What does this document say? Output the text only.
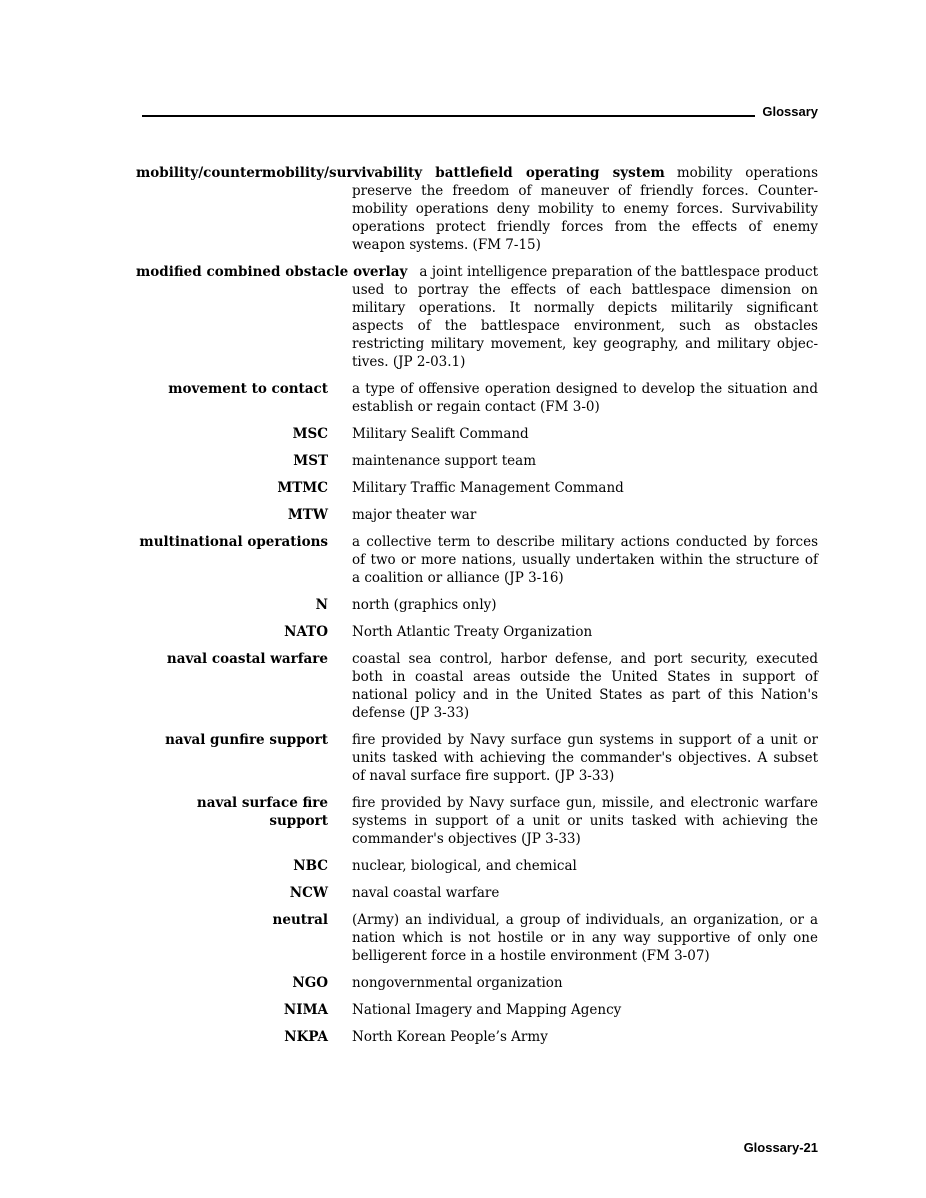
Glossary

mobility/countermobility/survivability battlefield operating system mobility operations preserve the freedom of maneuver of friendly forces. Countermobility operations deny mobility to enemy forces. Survivability operations protect friendly forces from the effects of enemy weapon systems. (FM 7-15)

modified combined obstacle overlay a joint intelligence preparation of the battlespace product used to portray the effects of each battlespace dimension on military operations. It normally depicts militarily significant aspects of the battlespace environment, such as obstacles restricting military movement, key geography, and military objectives. (JP 2-03.1)

movement to contact a type of offensive operation designed to develop the situation and establish or regain contact (FM 3-0)
MSC Military Sealift Command
MST maintenance support team
MTMC Military Traffic Management Command
MTW major theater war
multinational operations a collective term to describe military actions conducted by forces of two or more nations, usually undertaken within the structure of a coalition or alliance (JP 3-16)
N north (graphics only)
NATO North Atlantic Treaty Organization
naval coastal warfare coastal sea control, harbor defense, and port security, executed both in coastal areas outside the United States in support of national policy and in the United States as part of this Nation's defense (JP 3-33)
naval gunfire support fire provided by Navy surface gun systems in support of a unit or units tasked with achieving the commander's objectives. A subset of naval surface fire support. (JP 3-33)
naval surface fire support
fire provided by Navy surface gun, missile, and electronic warfare systems in support of a unit or units tasked with achieving the commander's objectives (JP 3-33)
NBC nuclear, biological, and chemical
NCW naval coastal warfare
neutral (Army) an individual, a group of individuals, an organization, or a nation which is not hostile or in any way supportive of only one belligerent force in a hostile environment (FM 3-07)
NGO nongovernmental organization
NIMA National Imagery and Mapping Agency
NKPA North Korean People’s Army
Glossary-21
